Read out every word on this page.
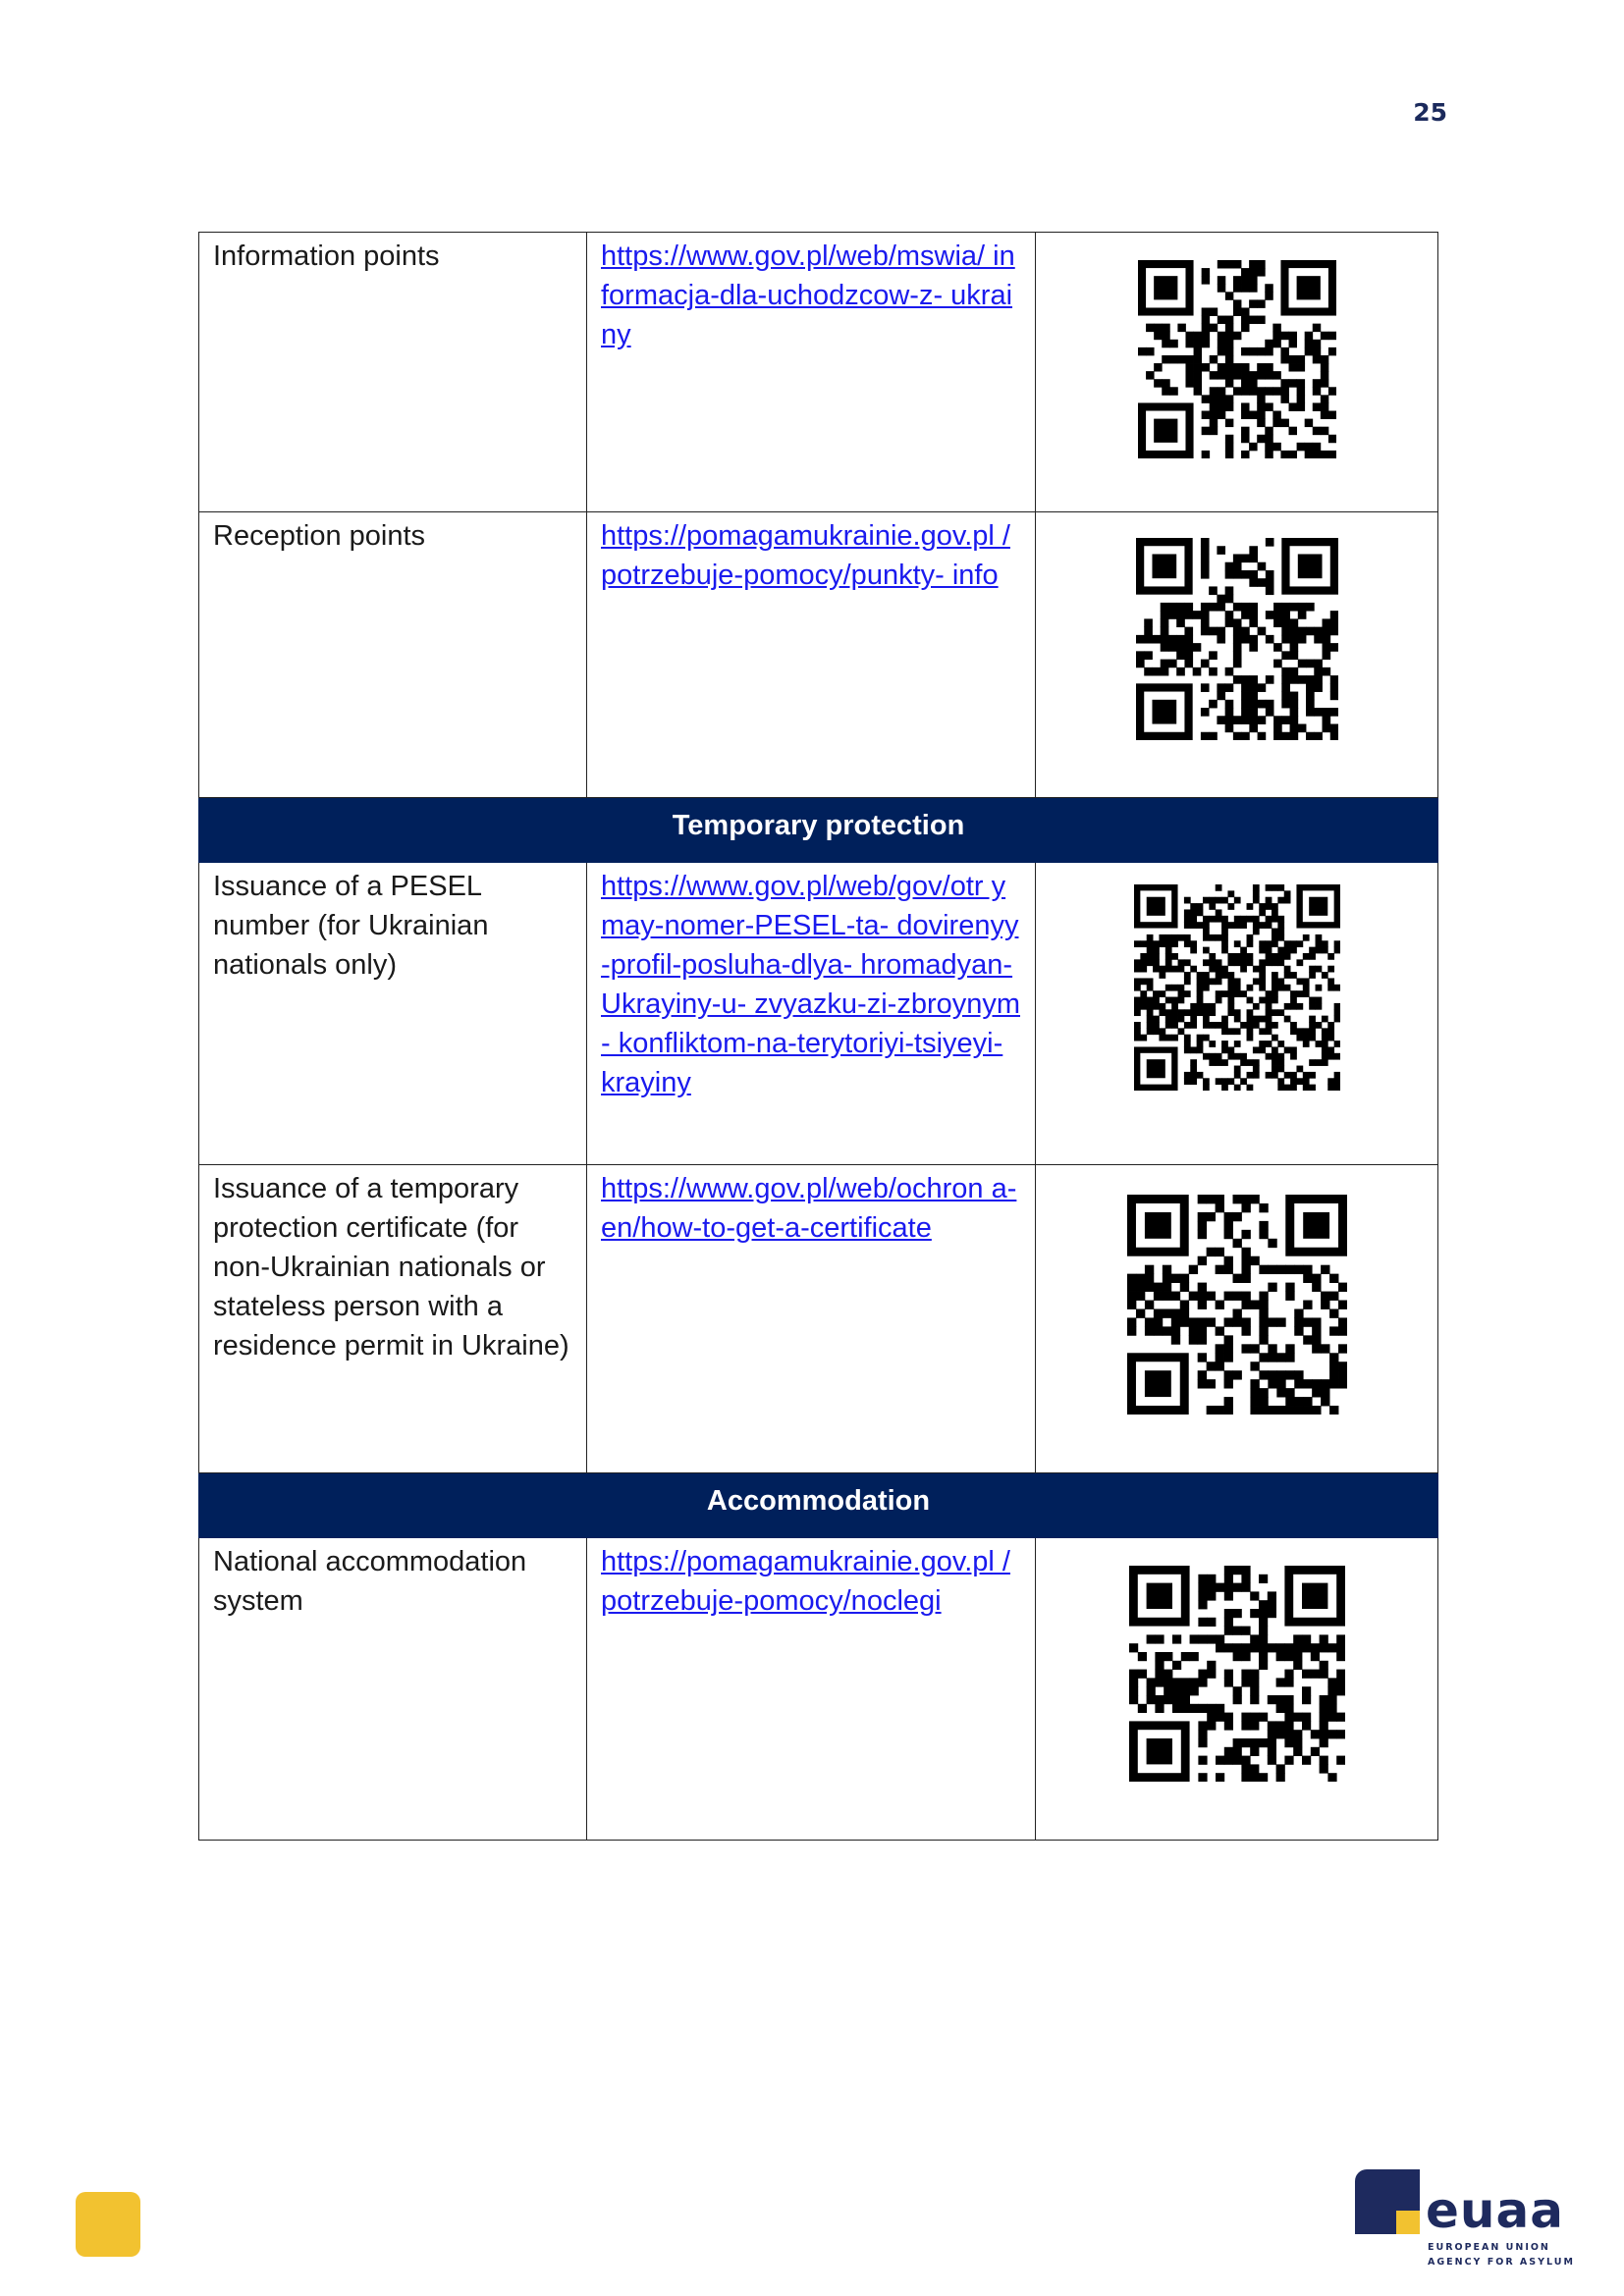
25
Information points	https://www.gov.pl/web/mswia/ informacja-dla-uchodzcow-z- ukrainy	

Reception points	https://pomagamukrainie.gov.pl /potrzebuje-pomocy/punkty- info	

Temporary protection		
Issuance of a PESEL number (for Ukrainian nationals only)	https://www.gov.pl/web/gov/otr ymay-nomer-PESEL-ta- dovirenyy-profil-posluha-dlya- hromadyan-Ukrayiny-u- zvyazku-zi-zbroynym- konfliktom-na-terytoriyi-tsiyeyi- krayiny	

Issuance of a temporary protection certificate (for non-Ukrainian nationals or stateless person with a residence permit in Ukraine)	https://www.gov.pl/web/ochron a-en/how-to-get-a-certificate	

Accommodation		
National accommodation system	https://pomagamukrainie.gov.pl /potrzebuje-pomocy/noclegi	
euaa
EUROPEAN UNION
AGENCY FOR ASYLUM
